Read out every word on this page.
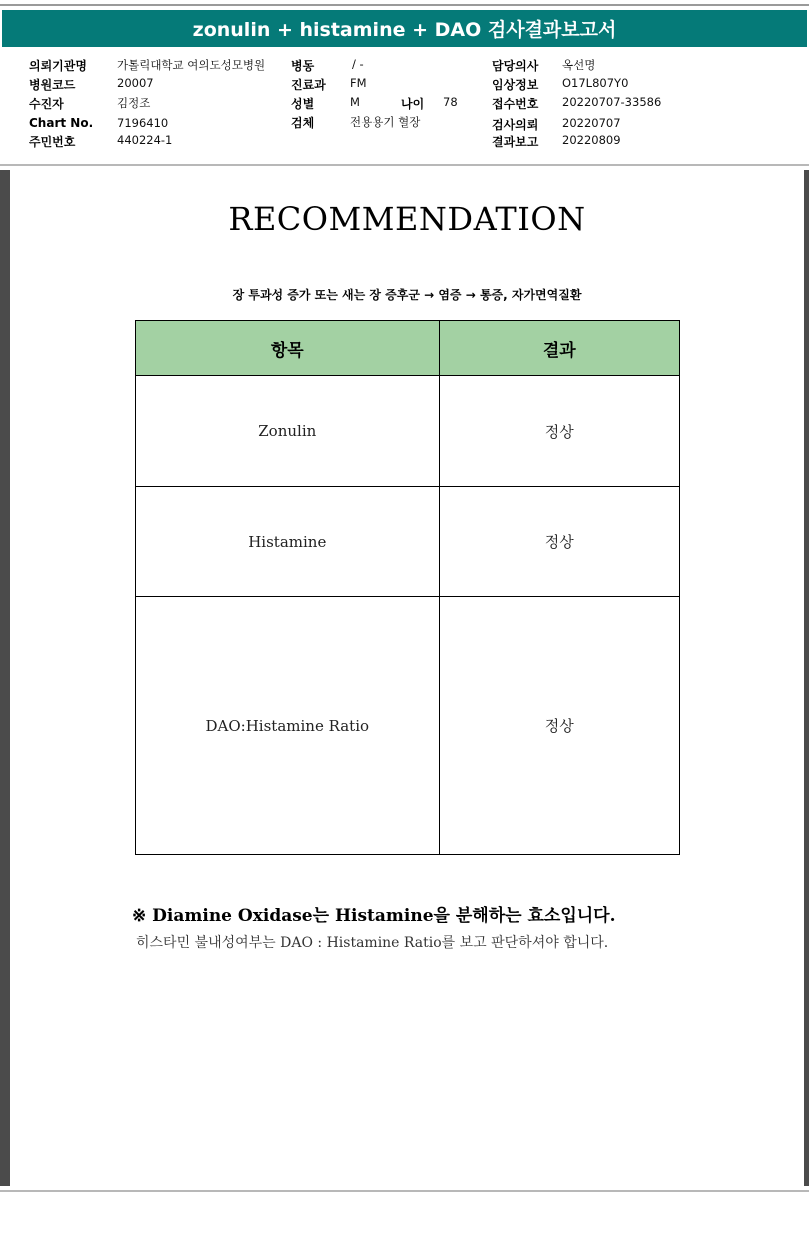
zonulin + histamine + DAO 검사결과보고서
의뢰기관명	가톨릭대학교 여의도성모병원
병원코드	20007
수진자	김정조
Chart No. 7196410
주민번호	440224-1
병동	/ -
진료과 FM
성별	M	나이 78
검체	전용용기 혈장
담당의사 옥선명
임상정보 O17L807Y0
접수번호 20220707-33586
검사의뢰 20220707
결과보고 20220809
RECOMMENDATION
장 투과성 증가 또는 새는 장 증후군 → 염증 → 통증, 자가면역질환
항목	결과
Zonulin	정상
Histamine	정상
DAO:Histamine Ratio	정상
※ Diamine Oxidase는 Histamine을 분해하는 효소입니다.
히스타민 불내성여부는 DAO : Histamine Ratio를 보고 판단하셔야 합니다.
